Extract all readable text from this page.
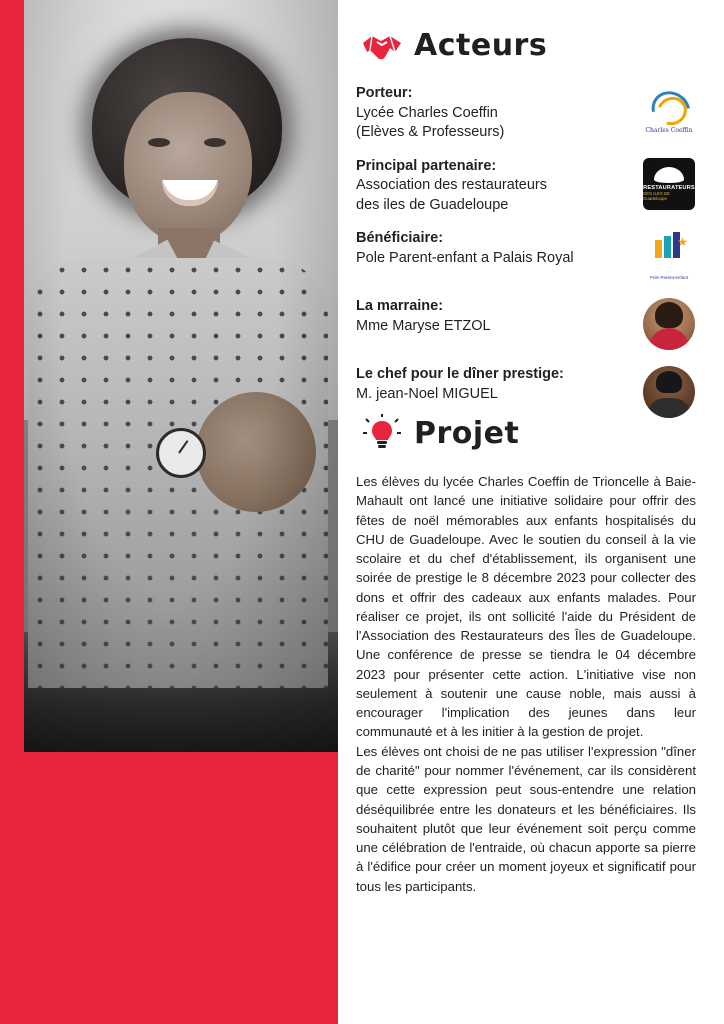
Acteurs
Porteur:
Lycée Charles Coeffin
(Elèves & Professeurs)	Charles Coeffin
Principal partenaire:
Association des restaurateurs
des iles de Guadeloupe
RESTAURATEURS
DES ILES DE Guadeloupe
Bénéficiaire:
Pole Parent-enfant a Palais Royal
★
Pole Parent-enfant
La marraine:
Mme Maryse ETZOL
Le chef pour le dîner prestige:
M. jean-Noel MIGUEL
Projet

Les élèves du lycée Charles Coeffin de Trioncelle à Baie-Mahault ont lancé une initiative solidaire pour offrir des fêtes de noël mémorables aux enfants hospitalisés du CHU de Guadeloupe. Avec le soutien du conseil à la vie scolaire et du chef d'établissement, ils organisent une soirée de prestige le 8 décembre 2023 pour collecter des dons et offrir des cadeaux aux enfants malades. Pour réaliser ce projet, ils ont sollicité l'aide du Président de l'Association des Restaurateurs des Îles de Guadeloupe. Une conférence de presse se tiendra le 04 décembre 2023 pour présenter cette action. L'initiative vise non seulement à soutenir une cause noble, mais aussi à encourager l'implication des jeunes dans leur communauté et à les initier à la gestion de projet.

Les élèves ont choisi de ne pas utiliser l'expression "dîner de charité" pour nommer l'événement, car ils considèrent que cette expression peut sous-entendre une relation déséquilibrée entre les donateurs et les bénéficiaires. Ils souhaitent plutôt que leur événement soit perçu comme une célébration de l'entraide, où chacun apporte sa pierre à l'édifice pour créer un moment joyeux et significatif pour tous les participants.
